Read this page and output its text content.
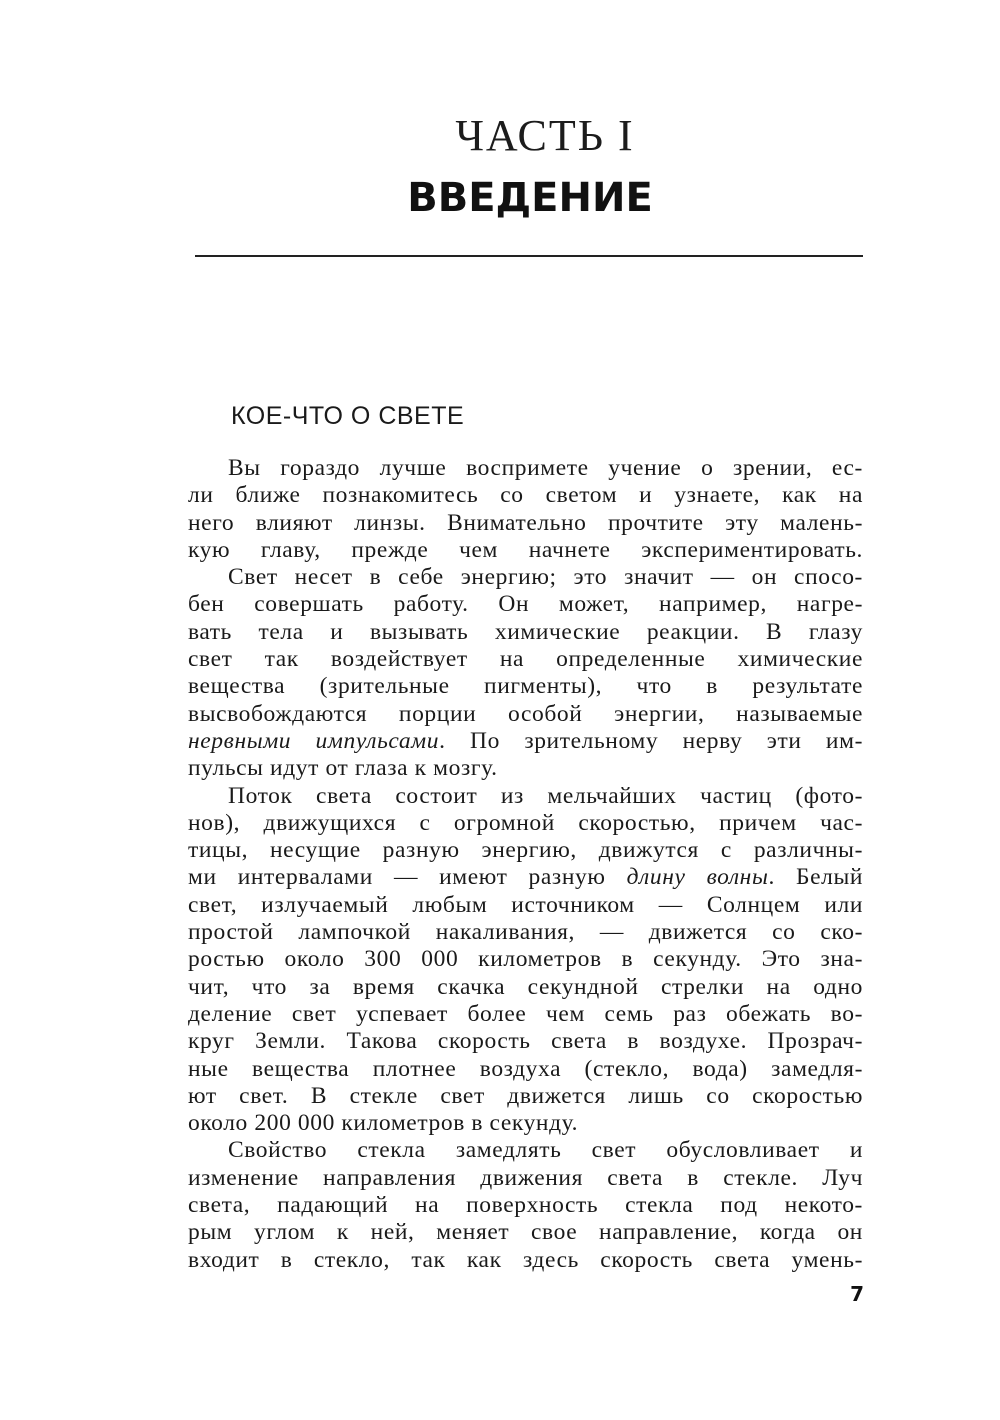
ЧАСТЬ I
ВВЕДЕНИЕ
КОЕ-ЧТО О СВЕТЕ
Вы гораздо лучше воспримете учение о зрении, ес-
ли ближе познакомитесь со светом и узнаете, как на
него влияют линзы. Внимательно прочтите эту малень-
кую главу, прежде чем начнете экспериментировать.
Свет несет в себе энергию; это значит — он спосо-
бен совершать работу. Он может, например, нагре-
вать тела и вызывать химические реакции. В глазу
свет так воздействует на определенные химические
вещества (зрительные пигменты), что в результате
высвобождаются порции особой энергии, называемые
нервными импульсами. По зрительному нерву эти им-
пульсы идут от глаза к мозгу.
Поток света состоит из мельчайших частиц (фото-
нов), движущихся с огромной скоростью, причем час-
тицы, несущие разную энергию, движутся с различны-
ми интервалами — имеют разную длину волны. Белый
свет, излучаемый любым источником — Солнцем или
простой лампочкой накаливания, — движется со ско-
ростью около 300 000 километров в секунду. Это зна-
чит, что за время скачка секундной стрелки на одно
деление свет успевает более чем семь раз обежать во-
круг Земли. Такова скорость света в воздухе. Прозрач-
ные вещества плотнее воздуха (стекло, вода) замедля-
ют свет. В стекле свет движется лишь со скоростью
около 200 000 километров в секунду.
Свойство стекла замедлять свет обусловливает и
изменение направления движения света в стекле. Луч
света, падающий на поверхность стекла под некото-
рым углом к ней, меняет свое направление, когда он
входит в стекло, так как здесь скорость света умень-
7
